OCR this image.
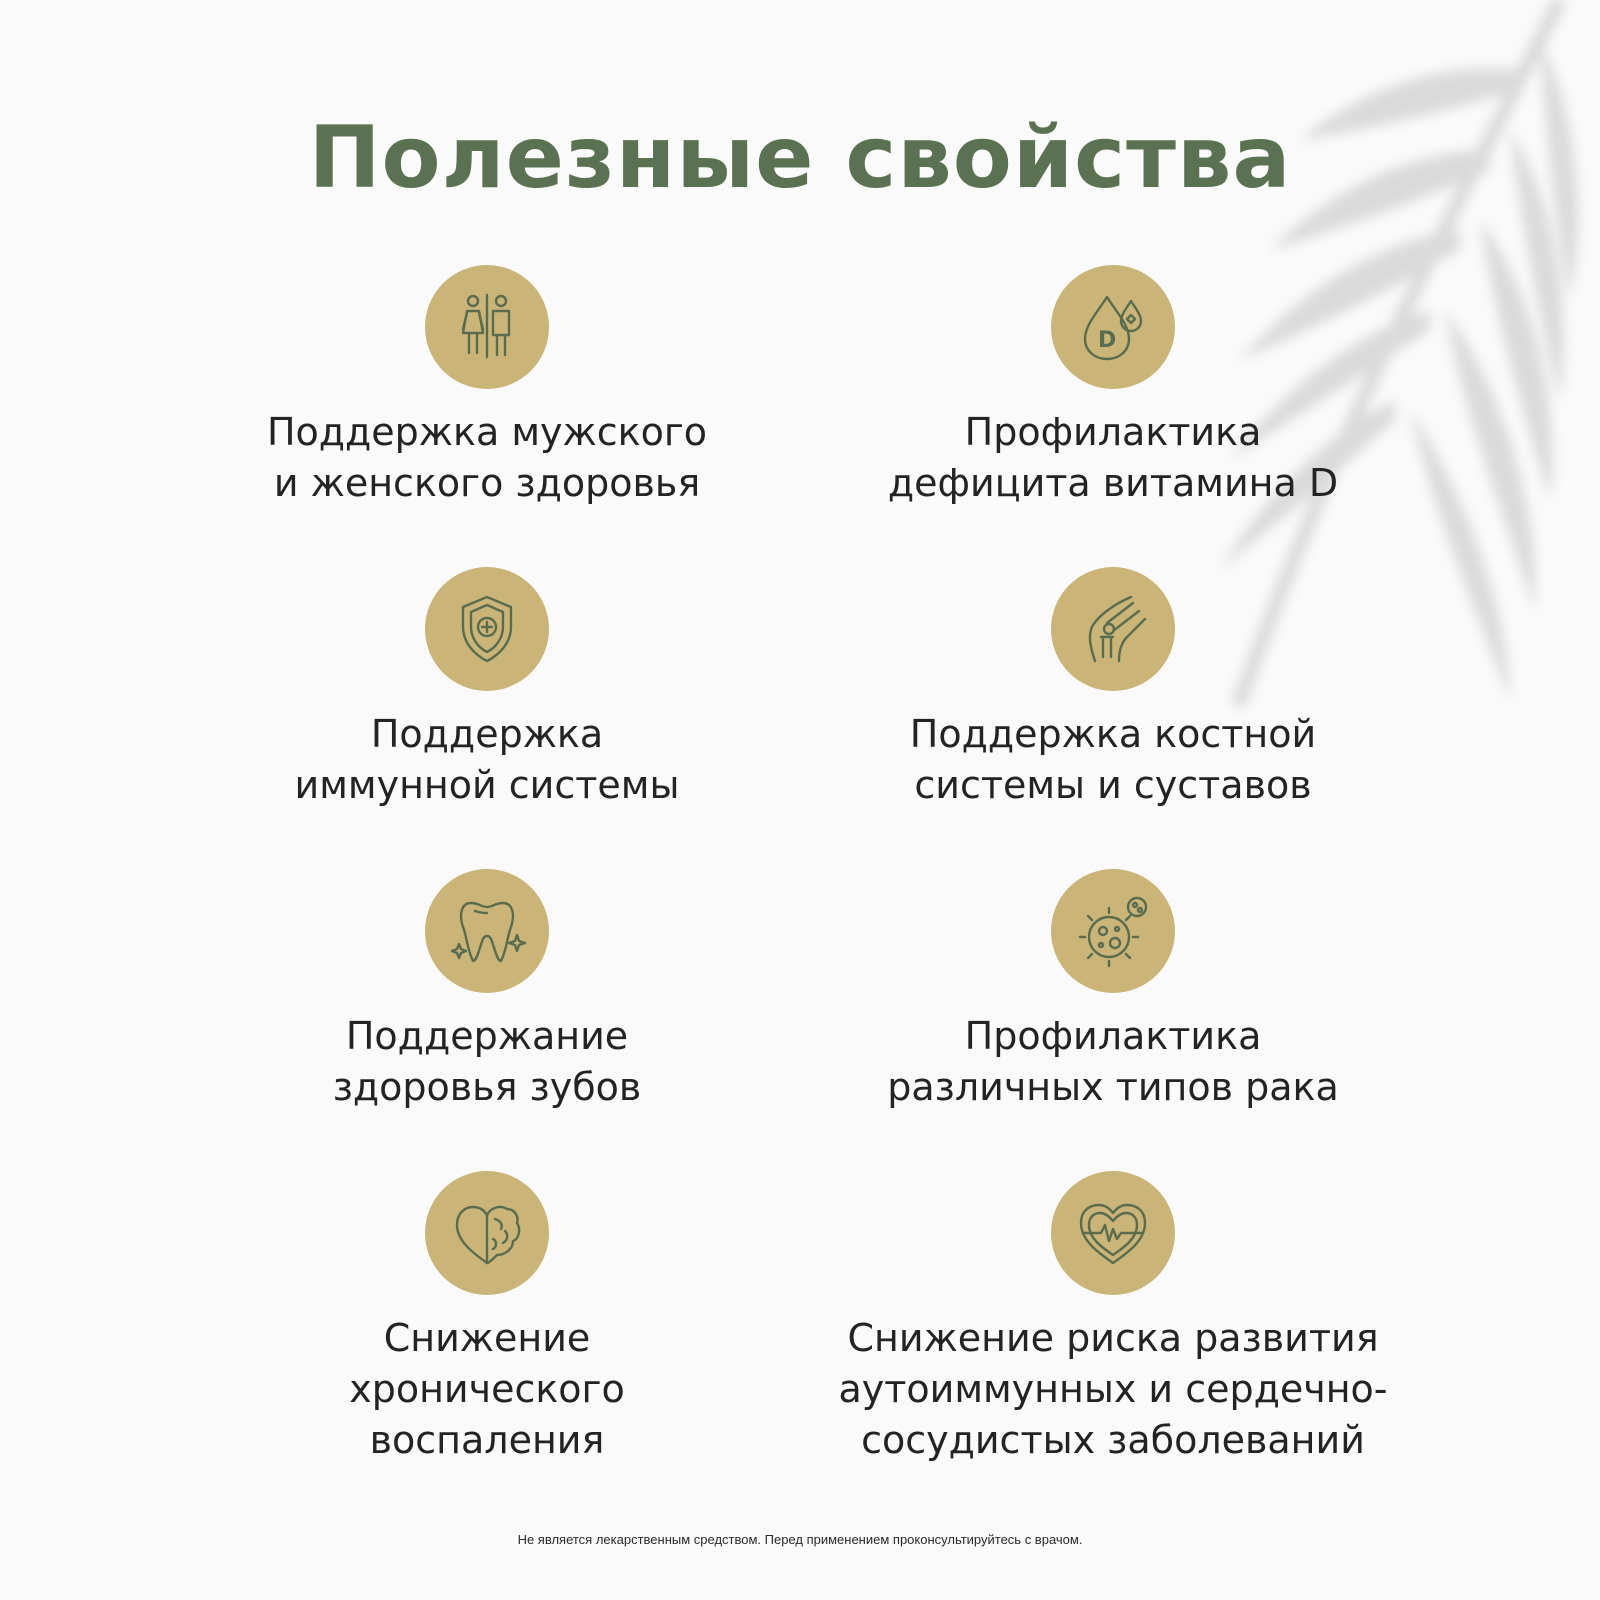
Полезные свойства
Поддержка мужского
и женского здоровья
D
Профилактика
дефицита витамина D
Поддержка
иммунной системы
Поддержка костной
системы и суставов
Поддержание
здоровья зубов
Профилактика
различных типов рака
Снижение
хронического
воспаления
Снижение риска развития
аутоиммунных и сердечно-
сосудистых заболеваний
Не является лекарственным средством. Перед применением проконсультируйтесь с врачом.
